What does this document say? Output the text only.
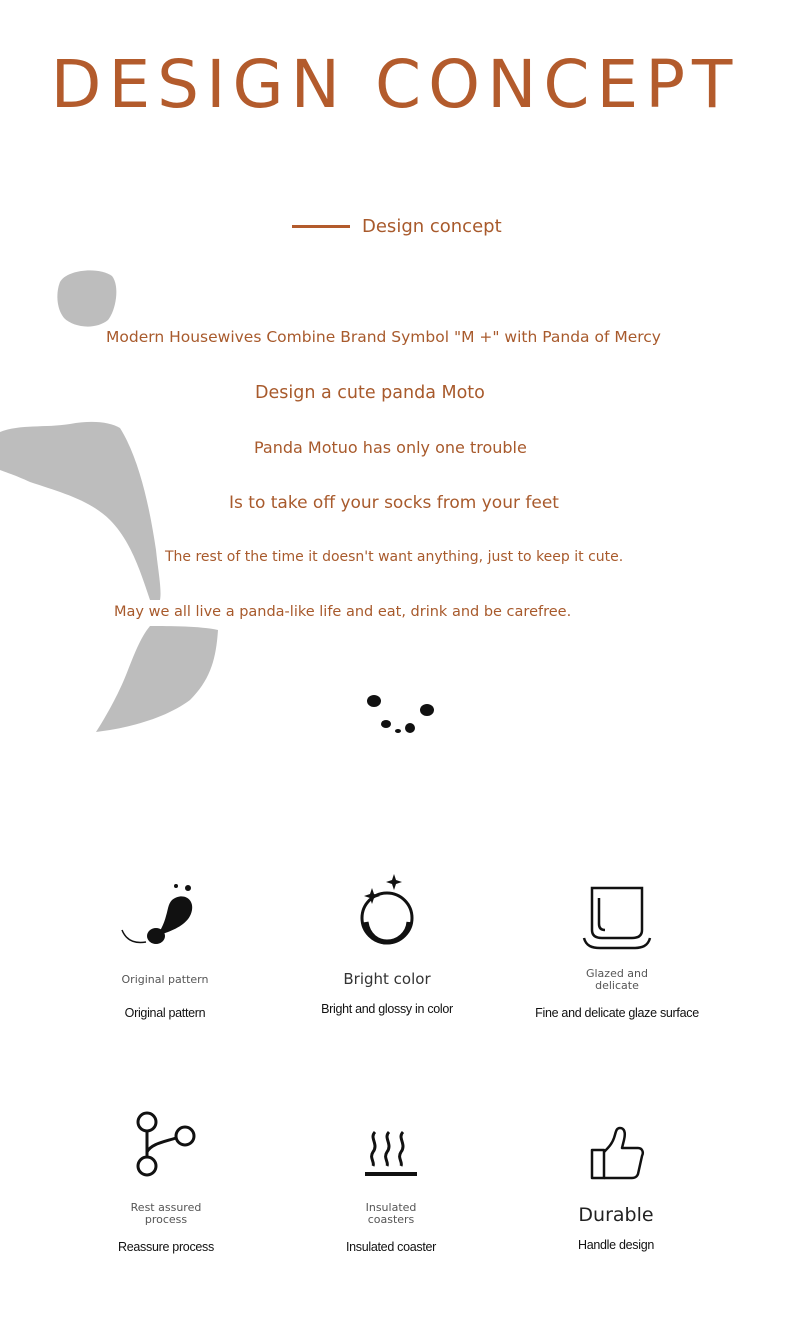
DESIGN CONCEPT
Design concept
Modern Housewives Combine Brand Symbol "M +" with Panda of Mercy
Design a cute panda Moto
Panda Motuo has only one trouble
Is to take off your socks from your feet
The rest of the time it doesn't want anything, just to keep it cute.
May we all live a panda-like life and eat, drink and be carefree.
Original pattern
Original pattern
Bright color
Bright and glossy in color
Glazed and
delicate
Fine and delicate glaze surface
Rest assured
process
Reassure process
Insulated
coasters
Insulated coaster
Durable
Handle design
